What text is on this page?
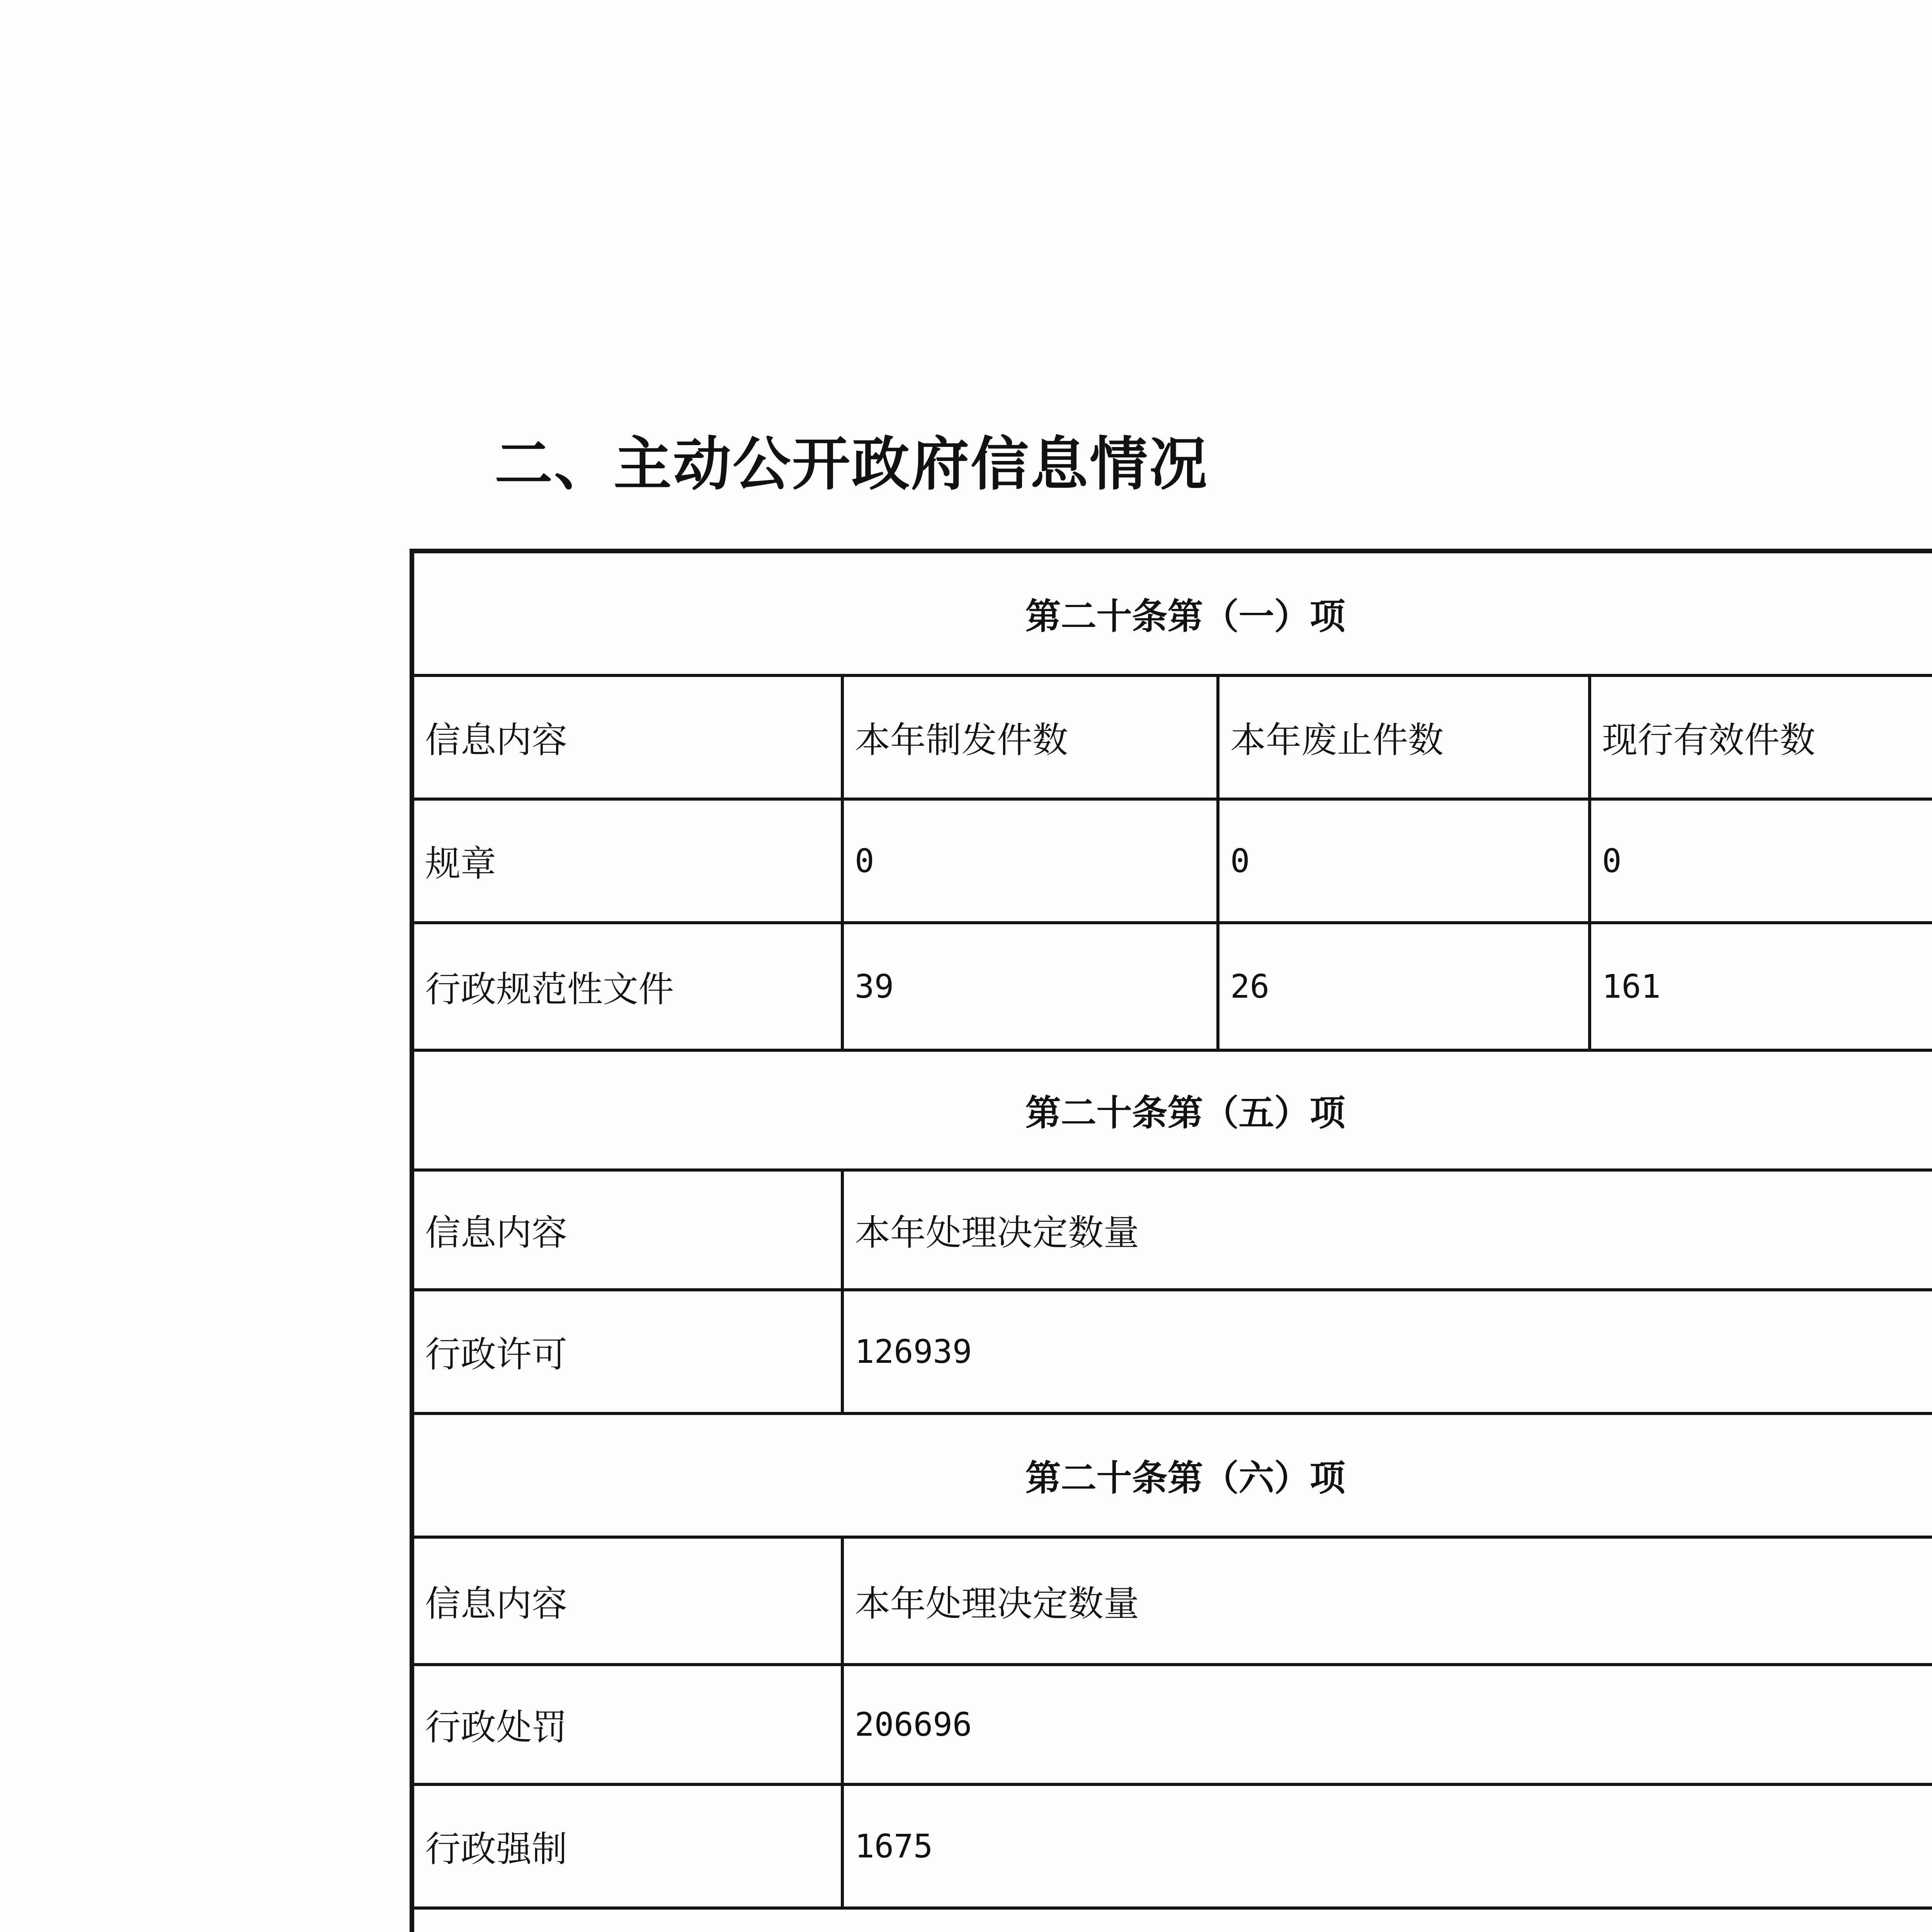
二、主动公开政府信息情况
第二十条第（一）项
信息内容	本年制发件数	本年废止件数	现行有效件数
规章	0	0	0
行政规范性文件	39	26	161
第二十条第（五）项
信息内容	本年处理决定数量
行政许可	126939
第二十条第（六）项
信息内容	本年处理决定数量
行政处罚	206696
行政强制	1675
